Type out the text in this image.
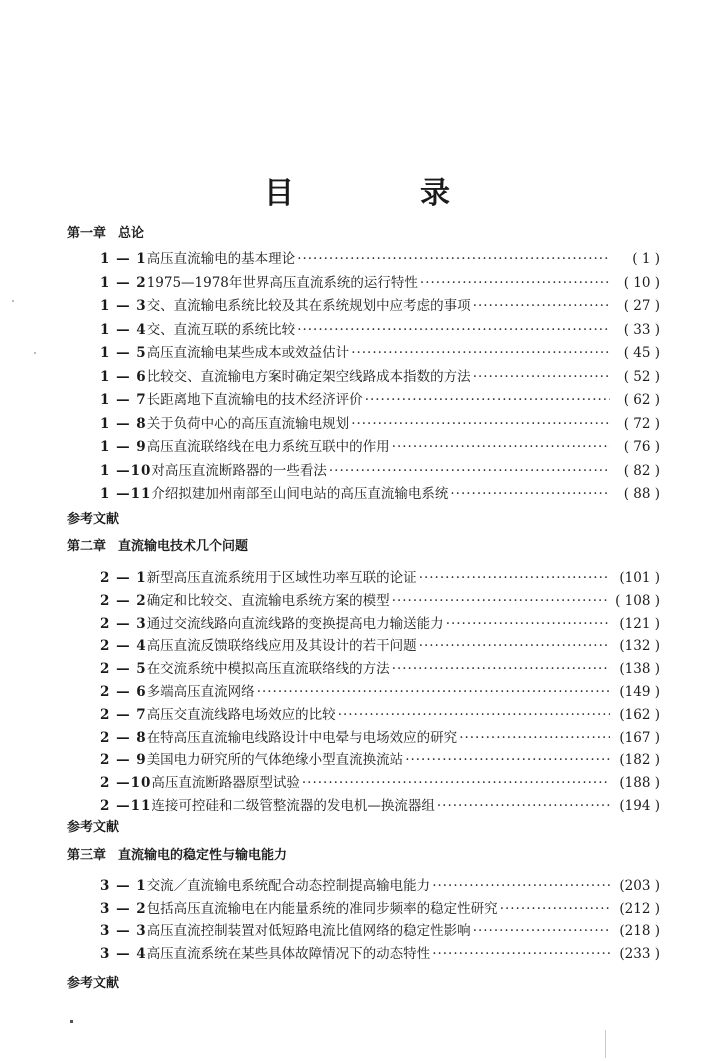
目　录
第一章 总论
1 — 1 高压直流输电的基本理论 ·····	( 1 )
1 — 2 1975—1978年世界高压直流系统的运行特性 ·····	( 10 )
1 — 3 交、直流输电系统比较及其在系统规划中应考虑的事项 ·····	( 27 )
1 — 4 交、直流互联的系统比较 ·····	( 33 )
1 — 5 高压直流输电某些成本或效益估计 ·····	( 45 )
1 — 6 比较交、直流输电方案时确定架空线路成本指数的方法 ·····	( 52 )
1 — 7 长距离地下直流输电的技术经济评价 ·····	( 62 )
1 — 8 关于负荷中心的高压直流输电规划 ·····	( 72 )
1 — 9 高压直流联络线在电力系统互联中的作用 ·····	( 76 )
1 —10 对高压直流断路器的一些看法 ·····	( 82 )
1 —11 介绍拟建加州南部至山间电站的高压直流输电系统 ·····	( 88 )
参考文献
第二章 直流输电技术几个问题
2 — 1 新型高压直流系统用于区域性功率互联的论证 ·····	(101 )
2 — 2 确定和比较交、直流输电系统方案的模型 ·····	( 108 )
2 — 3 通过交流线路向直流线路的变换提高电力输送能力 ·····	(121 )
2 — 4 高压直流反馈联络线应用及其设计的若干问题 ·····	(132 )
2 — 5 在交流系统中模拟高压直流联络线的方法 ·····	(138 )
2 — 6 多端高压直流网络 ·····	(149 )
2 — 7 高压交直流线路电场效应的比较 ·····	(162 )
2 — 8 在特高压直流输电线路设计中电晕与电场效应的研究 ·····	(167 )
2 — 9 美国电力研究所的气体绝缘小型直流换流站 ·····	(182 )
2 —10 高压直流断路器原型试验 ·····	(188 )
2 —11 连接可控硅和二级管整流器的发电机—换流器组 ·····	(194 )
参考文献
第三章 直流输电的稳定性与输电能力
3 — 1 交流／直流输电系统配合动态控制提高输电能力 ·····	(203 )
3 — 2 包括高压直流输电在内能量系统的准同步频率的稳定性研究 ·····	(212 )
3 — 3 高压直流控制装置对低短路电流比值网络的稳定性影响 ·····	(218 )
3 — 4 高压直流系统在某些具体故障情况下的动态特性 ·····	(233 )
参考文献
